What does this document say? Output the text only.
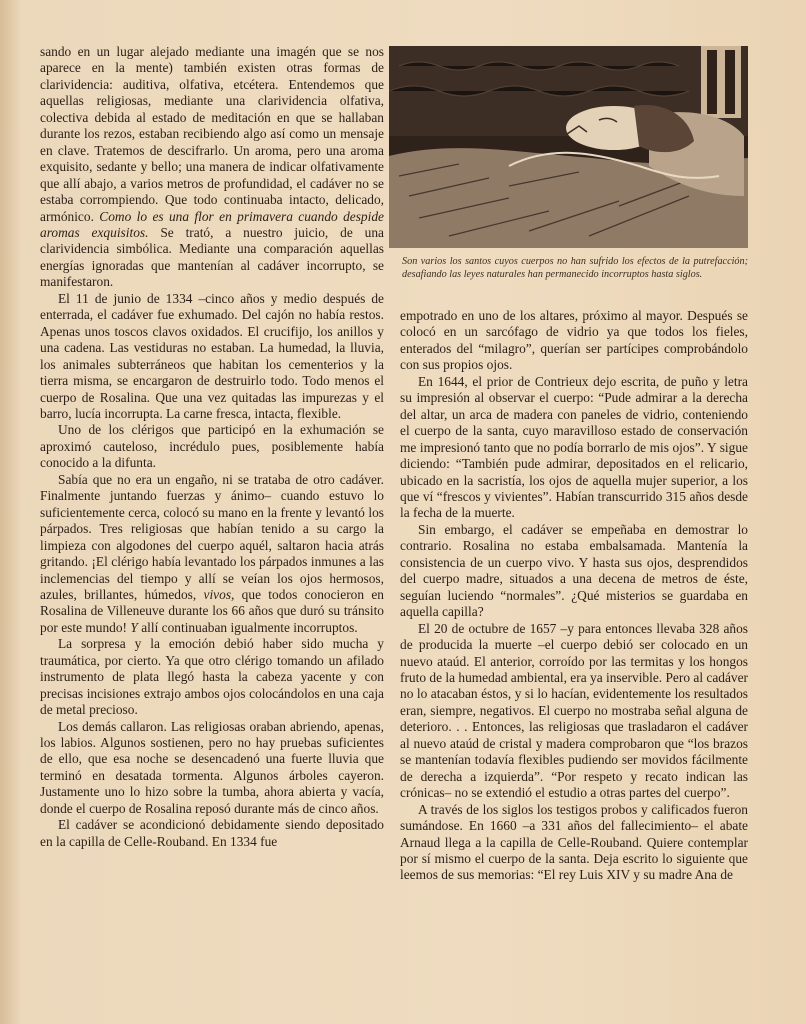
sando en un lugar alejado mediante una imagén que se nos aparece en la mente) también existen otras formas de clarividencia: auditiva, olfativa, etcétera. Entendemos que aquellas religiosas, mediante una clarividencia olfativa, colectiva debida al estado de meditación en que se hallaban durante los rezos, estaban recibiendo algo así como un mensaje en clave. Tratemos de descifrarlo. Un aroma, pero una aroma exquisito, sedante y bello; una manera de indicar olfativamente que allí abajo, a varios metros de profundidad, el cadáver no se estaba corrompiendo. Que todo continuaba intacto, delicado, armónico. Como lo es una flor en primavera cuando despide aromas exquisitos. Se trató, a nuestro juicio, de una clarividencia simbólica. Mediante una comparación aquellas energías ignoradas que mantenían al cadáver incorrupto, se manifestaron.

El 11 de junio de 1334 –cinco años y medio después de enterrada, el cadáver fue exhumado. Del cajón no había restos. Apenas unos toscos clavos oxidados. El crucifijo, los anillos y una cadena. Las vestiduras no estaban. La humedad, la lluvia, los animales subterráneos que habitan los cementerios y la tierra misma, se encargaron de destruirlo todo. Todo menos el cuerpo de Rosalina. Que una vez quitadas las impurezas y el barro, lucía incorrupta. La carne fresca, intacta, flexible.

Uno de los clérigos que participó en la exhumación se aproximó cauteloso, incrédulo pues, posiblemente había conocido a la difunta.

Sabía que no era un engaño, ni se trataba de otro cadáver. Finalmente juntando fuerzas y ánimo– cuando estuvo lo suficientemente cerca, colocó su mano en la frente y levantó los párpados. Tres religiosas que habían tenido a su cargo la limpieza con algodones del cuerpo aquél, saltaron hacia atrás gritando. ¡El clérigo había levantado los párpados inmunes a las inclemencias del tiempo y allí se veían los ojos hermosos, azules, brillantes, húmedos, vivos, que todos conocieron en Rosalina de Villeneuve durante los 66 años que duró su tránsito por este mundo! Y allí continuaban igualmente incorruptos.

La sorpresa y la emoción debió haber sido mucha y traumática, por cierto. Ya que otro clérigo tomando un afilado instrumento de plata llegó hasta la cabeza yacente y con precisas incisiones extrajo ambos ojos colocándolos en una caja de metal precioso.

Los demás callaron. Las religiosas oraban abriendo, apenas, los labios. Algunos sostienen, pero no hay pruebas suficientes de ello, que esa noche se desencadenó una fuerte lluvia que terminó en desatada tormenta. Algunos árboles cayeron. Justamente uno lo hizo sobre la tumba, ahora abierta y vacía, donde el cuerpo de Rosalina reposó durante más de cinco años.

El cadáver se acondicionó debidamente siendo depositado en la capilla de Celle-Rouband. En 1334 fue

Son varios los santos cuyos cuerpos no han sufrido los efectos de la putrefacción; desafiando las leyes naturales han permanecido incorruptos hasta siglos.

empotrado en uno de los altares, próximo al mayor. Después se colocó en un sarcófago de vidrio ya que todos los fieles, enterados del “milagro”, querían ser partícipes comprobándolo con sus propios ojos.

En 1644, el prior de Contrieux dejo escrita, de puño y letra su impresión al observar el cuerpo: “Pude admirar a la derecha del altar, un arca de madera con paneles de vidrio, conteniendo el cuerpo de la santa, cuyo maravilloso estado de conservación me impresionó tanto que no podía borrarlo de mis ojos”. Y sigue diciendo: “También pude admirar, depositados en el relicario, ubicado en la sacristía, los ojos de aquella mujer superior, a los que ví “frescos y vivientes”. Habían transcurrido 315 años desde la fecha de la muerte.

Sin embargo, el cadáver se empeñaba en demostrar lo contrario. Rosalina no estaba embalsamada. Mantenía la consistencia de un cuerpo vivo. Y hasta sus ojos, desprendidos del cuerpo madre, situados a una decena de metros de éste, seguían luciendo “normales”. ¿Qué misterios se guardaba en aquella capilla?

El 20 de octubre de 1657 –y para entonces llevaba 328 años de producida la muerte –el cuerpo debió ser colocado en un nuevo ataúd. El anterior, corroído por las termitas y los hongos fruto de la humedad ambiental, era ya inservible. Pero al cadáver no lo atacaban éstos, y si lo hacían, evidentemente los resultados eran, siempre, negativos. El cuerpo no mostraba señal alguna de deterioro. . . Entonces, las religiosas que trasladaron el cadáver al nuevo ataúd de cristal y madera comprobaron que “los brazos se mantenían todavía flexibles pudiendo ser movidos fácilmente de derecha a izquierda”. “Por respeto y recato indican las crónicas– no se extendió el estudio a otras partes del cuerpo”.

A través de los siglos los testigos probos y calificados fueron sumándose. En 1660 –a 331 años del fallecimiento– el abate Arnaud llega a la capilla de Celle-Rouband. Quiere contemplar por sí mismo el cuerpo de la santa. Deja escrito lo siguiente que leemos de sus memorias: “El rey Luis XIV y su madre Ana de
